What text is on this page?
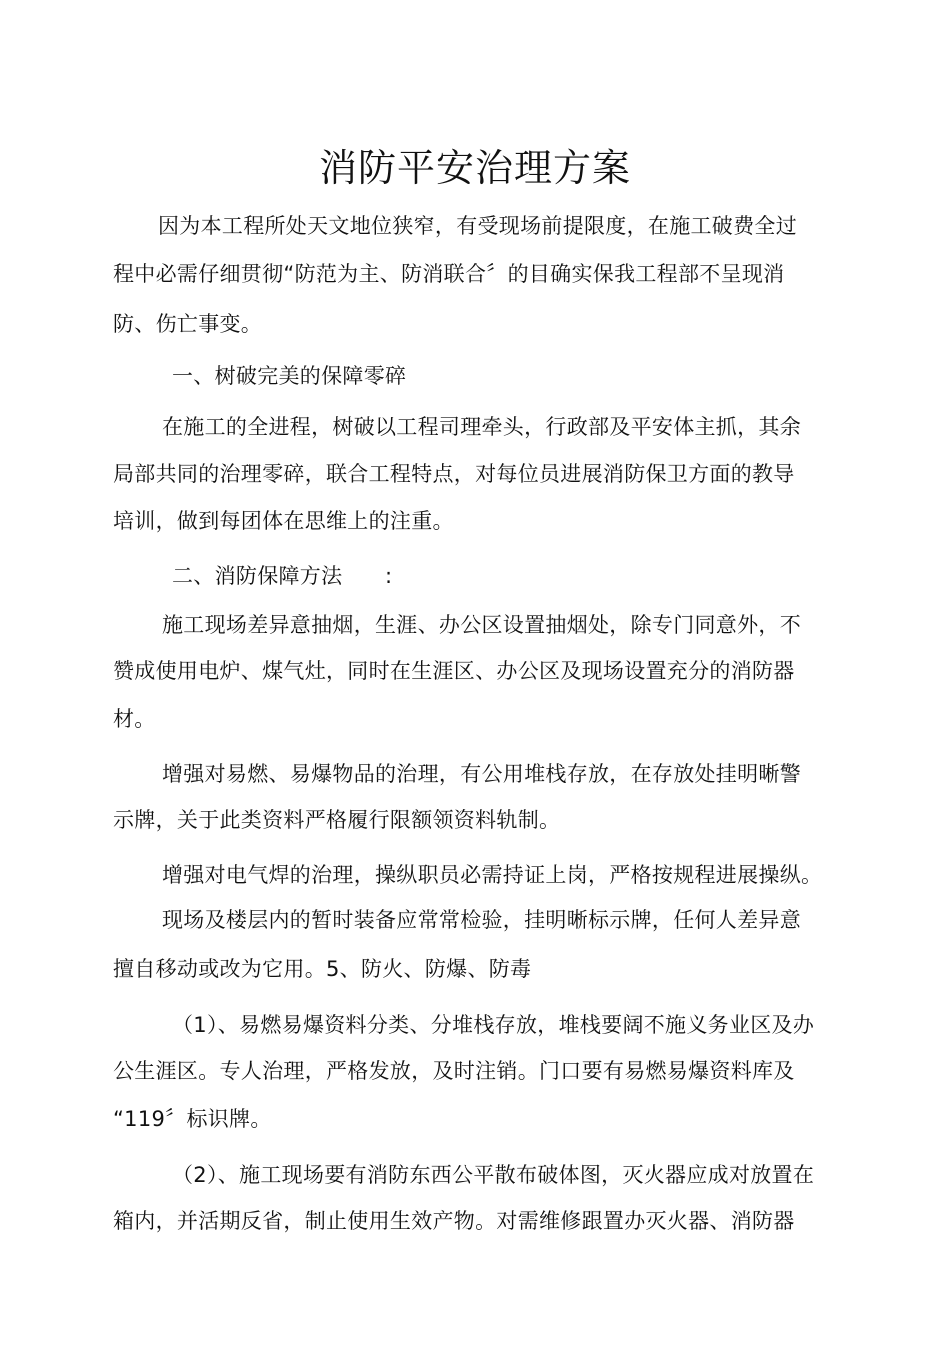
消防平安治理方案
因为本工程所处天文地位狭窄，有受现场前提限度，在施工破费全过
程中必需仔细贯彻“防范为主、防消联合〞的目确实保我工程部不呈现消
防、伤亡事变。
一、树破完美的保障零碎
在施工的全进程，树破以工程司理牵头，行政部及平安体主抓，其余
局部共同的治理零碎，联合工程特点，对每位员进展消防保卫方面的教导
培训，做到每团体在思维上的注重。
二、消防保障方法　　:
施工现场差异意抽烟，生涯、办公区设置抽烟处，除专门同意外，不
赞成使用电炉、煤气灶，同时在生涯区、办公区及现场设置充分的消防器
材。
增强对易燃、易爆物品的治理，有公用堆栈存放，在存放处挂明晰警
示牌，关于此类资料严格履行限额领资料轨制。
增强对电气焊的治理，操纵职员必需持证上岗，严格按规程进展操纵。
现场及楼层内的暂时装备应常常检验，挂明晰标示牌，任何人差异意
擅自移动或改为它用。5、防火、防爆、防毒
（1）、易燃易爆资料分类、分堆栈存放，堆栈要阔不施义务业区及办
公生涯区。专人治理，严格发放，及时注销。门口要有易燃易爆资料库及
“119〞标识牌。
（2）、施工现场要有消防东西公平散布破体图，灭火器应成对放置在
箱内，并活期反省，制止使用生效产物。对需维修跟置办灭火器、消防器
